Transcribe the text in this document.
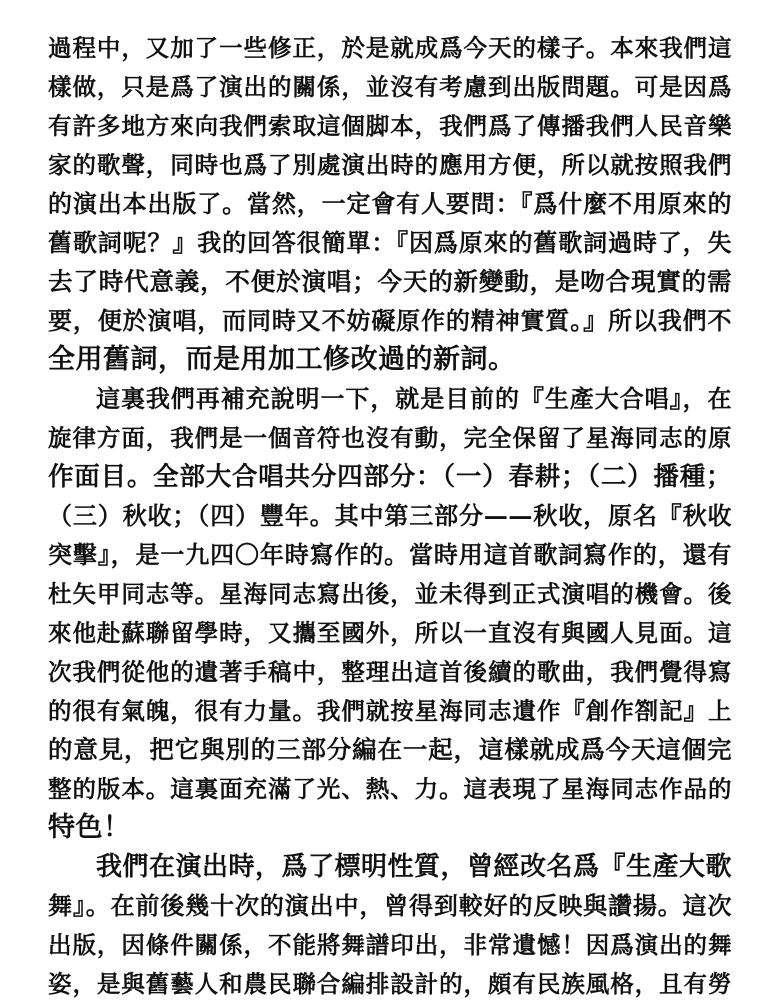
過程中，又加了一些修正，於是就成爲今天的樣子。本來我們這
樣做，只是爲了演出的關係，並沒有考慮到出版問題。可是因爲
有許多地方來向我們索取這個脚本，我們爲了傳播我們人民音樂
家的歌聲，同時也爲了別處演出時的應用方便，所以就按照我們
的演出本出版了。當然，一定會有人要問：『爲什麼不用原來的
舊歌詞呢？』我的回答很簡單：『因爲原來的舊歌詞過時了，失
去了時代意義，不便於演唱；今天的新變動，是吻合現實的需
要，便於演唱，而同時又不妨礙原作的精神實質。』所以我們不
全用舊詞，而是用加工修改過的新詞。
這裏我們再補充說明一下，就是目前的『生產大合唱』，在
旋律方面，我們是一個音符也沒有動，完全保留了星海同志的原
作面目。全部大合唱共分四部分：（一）春耕；（二）播種；
（三）秋收；（四）豐年。其中第三部分——秋收，原名『秋收
突擊』，是一九四〇年時寫作的。當時用這首歌詞寫作的，還有
杜矢甲同志等。星海同志寫出後，並未得到正式演唱的機會。後
來他赴蘇聯留學時，又攜至國外，所以一直沒有與國人見面。這
次我們從他的遺著手稿中，整理出這首後續的歌曲，我們覺得寫
的很有氣魄，很有力量。我們就按星海同志遺作『創作劄記』上
的意見，把它與別的三部分編在一起，這樣就成爲今天這個完
整的版本。這裏面充滿了光、熱、力。這表現了星海同志作品的
特色！
我們在演出時，爲了標明性質，曾經改名爲『生產大歌
舞』。在前後幾十次的演出中，曾得到較好的反映與讚揚。這次
出版，因條件關係，不能將舞譜印出，非常遺憾！因爲演出的舞
姿，是與舊藝人和農民聯合編排設計的，頗有民族風格，且有勞
